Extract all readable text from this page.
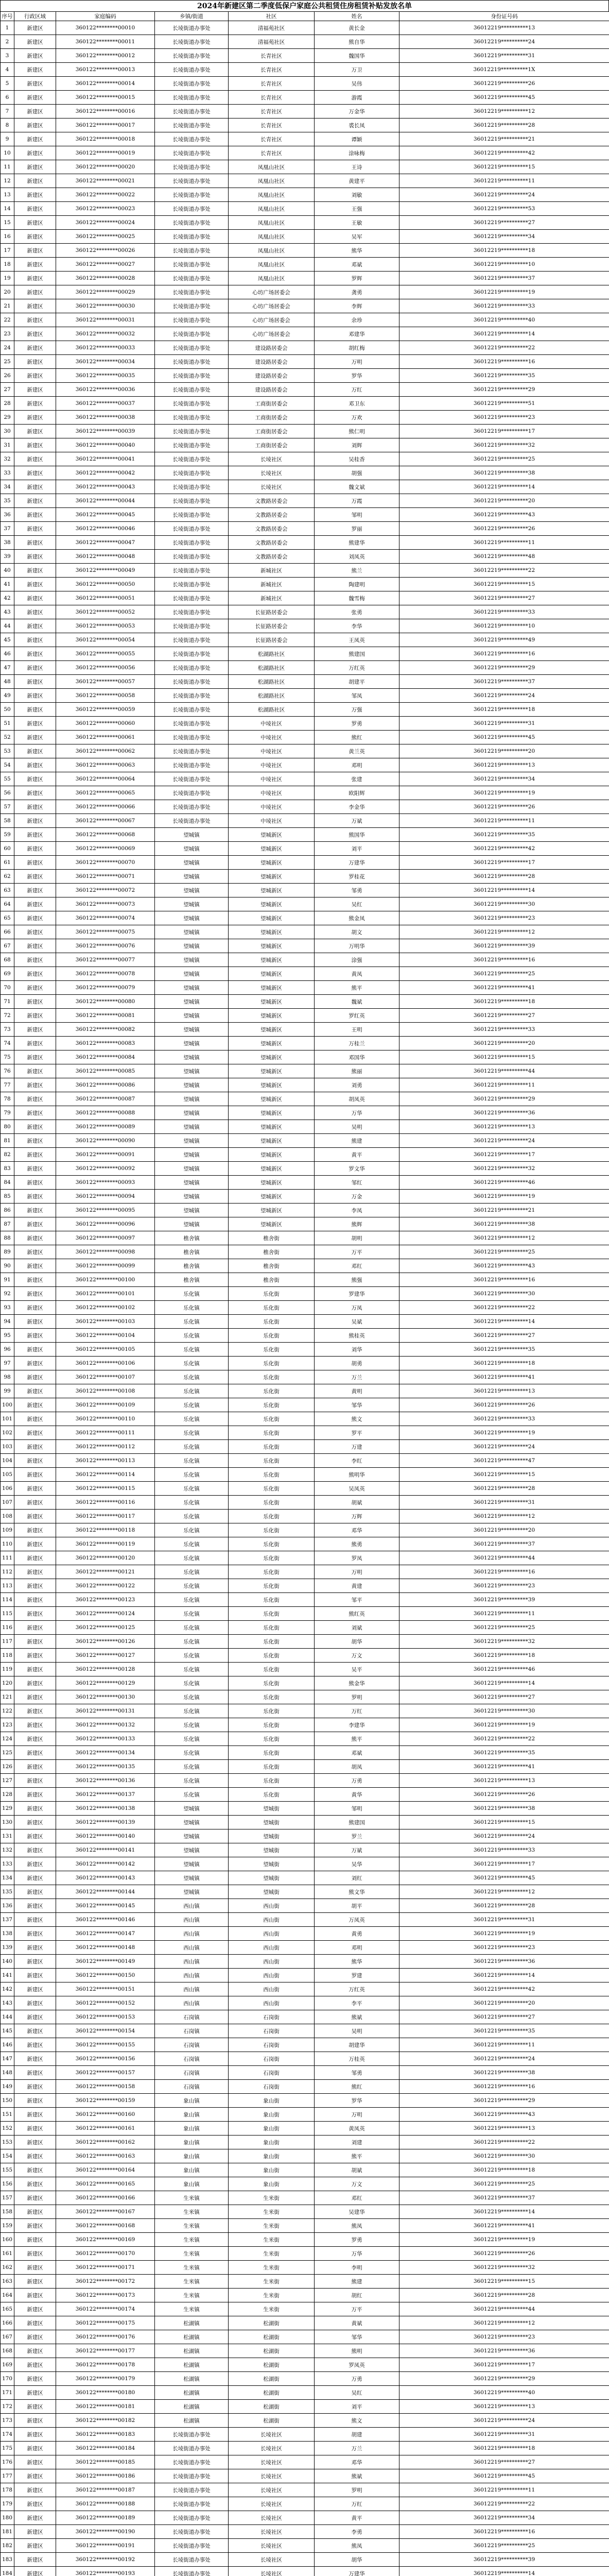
2024年新建区第二季度低保户家庭公共租赁住房租赁补贴发放名单
序号	行政区域	家庭编码	乡镇/街道	社区	姓名	身份证号码
1	新建区	360122********00010	长堎街道办事处	清福苑社区	黄长金	36012219**********13
2	新建区	360122********00011	长堎街道办事处	清福苑社区	熊自华	36012219**********24
3	新建区	360122********00012	长堎街道办事处	长青社区	魏国华	36012219**********31
4	新建区	360122********00013	长堎街道办事处	长青社区	万卫	36012219**********1X
5	新建区	360122********00014	长堎街道办事处	长青社区	吴伟	36012219**********26
6	新建区	360122********00015	长堎街道办事处	长青社区	游霞	36012219**********45
7	新建区	360122********00016	长堎街道办事处	长青社区	万金华	36012219**********12
8	新建区	360122********00017	长堎街道办事处	长青社区	裘长凤	36012219**********28
9	新建区	360122********00018	长堎街道办事处	长青社区	谭颖	36012219**********21
10	新建区	360122********00019	长堎街道办事处	长青社区	涂咏梅	36012219**********42
11	新建区	360122********00020	长堎街道办事处	凤凰山社区	王诗	36012219**********15
12	新建区	360122********00021	长堎街道办事处	凤凰山社区	黄建平	36012219**********11
13	新建区	360122********00022	长堎街道办事处	凤凰山社区	刘敏	36012219**********24
14	新建区	360122********00023	长堎街道办事处	凤凰山社区	王强	36012219**********53
15	新建区	360122********00024	长堎街道办事处	凤凰山社区	王敏	36012219**********27
16	新建区	360122********00025	长堎街道办事处	凤凰山社区	吴军	36012219**********34
17	新建区	360122********00026	长堎街道办事处	凤凰山社区	熊华	36012219**********18
18	新建区	360122********00027	长堎街道办事处	凤凰山社区	邓斌	36012219**********10
19	新建区	360122********00028	长堎街道办事处	凤凰山社区	罗辉	36012219**********37
20	新建区	360122********00029	长堎街道办事处	心坊广场居委会	龚勇	36012219**********19
21	新建区	360122********00030	长堎街道办事处	心坊广场居委会	李辉	36012219**********33
22	新建区	360122********00031	长堎街道办事处	心坊广场居委会	余珍	36012219**********40
23	新建区	360122********00032	长堎街道办事处	心坊广场居委会	邓建华	36012219**********14
24	新建区	360122********00033	长堎街道办事处	建设路居委会	胡红梅	36012219**********22
25	新建区	360122********00034	长堎街道办事处	建设路居委会	万明	36012219**********16
26	新建区	360122********00035	长堎街道办事处	建设路居委会	罗华	36012219**********35
27	新建区	360122********00036	长堎街道办事处	建设路居委会	万红	36012219**********29
28	新建区	360122********00037	长堎街道办事处	工商街居委会	邓卫东	36012219**********51
29	新建区	360122********00038	长堎街道办事处	工商街居委会	万欢	36012219**********23
30	新建区	360122********00039	长堎街道办事处	工商街居委会	熊仁明	36012219**********17
31	新建区	360122********00040	长堎街道办事处	工商街居委会	刘辉	36012219**********32
32	新建区	360122********00041	长堎街道办事处	长堎社区	吴桂香	36012219**********25
33	新建区	360122********00042	长堎街道办事处	长堎社区	胡强	36012219**********38
34	新建区	360122********00043	长堎街道办事处	长堎社区	魏文斌	36012219**********14
35	新建区	360122********00044	长堎街道办事处	文教路居委会	万霞	36012219**********20
36	新建区	360122********00045	长堎街道办事处	文教路居委会	邹明	36012219**********43
37	新建区	360122********00046	长堎街道办事处	文教路居委会	罗丽	36012219**********26
38	新建区	360122********00047	长堎街道办事处	文教路居委会	熊建华	36012219**********11
39	新建区	360122********00048	长堎街道办事处	文教路居委会	刘凤英	36012219**********48
40	新建区	360122********00049	长堎街道办事处	新城社区	熊兰	36012219**********22
41	新建区	360122********00050	长堎街道办事处	新城社区	陶建明	36012219**********15
42	新建区	360122********00051	长堎街道办事处	新城社区	魏雪梅	36012219**********27
43	新建区	360122********00052	长堎街道办事处	长征路居委会	张勇	36012219**********33
44	新建区	360122********00053	长堎街道办事处	长征路居委会	李华	36012219**********10
45	新建区	360122********00054	长堎街道办事处	长征路居委会	王凤英	36012219**********49
46	新建区	360122********00055	长堎街道办事处	松湖路社区	熊建国	36012219**********16
47	新建区	360122********00056	长堎街道办事处	松湖路社区	万红英	36012219**********29
48	新建区	360122********00057	长堎街道办事处	松湖路社区	胡建平	36012219**********37
49	新建区	360122********00058	长堎街道办事处	松湖路社区	邹凤	36012219**********24
50	新建区	360122********00059	长堎街道办事处	松湖路社区	万强	36012219**********18
51	新建区	360122********00060	长堎街道办事处	中堎社区	罗勇	36012219**********31
52	新建区	360122********00061	长堎街道办事处	中堎社区	熊红	36012219**********45
53	新建区	360122********00062	长堎街道办事处	中堎社区	黄兰英	36012219**********20
54	新建区	360122********00063	长堎街道办事处	中堎社区	邓明	36012219**********13
55	新建区	360122********00064	长堎街道办事处	中堎社区	张建	36012219**********34
56	新建区	360122********00065	长堎街道办事处	中堎社区	欧阳辉	36012219**********19
57	新建区	360122********00066	长堎街道办事处	中堎社区	李金华	36012219**********26
58	新建区	360122********00067	长堎街道办事处	中堎社区	万斌	36012219**********11
59	新建区	360122********00068	望城镇	望城新区	熊国华	36012219**********35
60	新建区	360122********00069	望城镇	望城新区	刘平	36012219**********42
61	新建区	360122********00070	望城镇	望城新区	万建华	36012219**********17
62	新建区	360122********00071	望城镇	望城新区	罗桂花	36012219**********28
63	新建区	360122********00072	望城镇	望城新区	邹勇	36012219**********14
64	新建区	360122********00073	望城镇	望城新区	吴红	36012219**********30
65	新建区	360122********00074	望城镇	望城新区	熊金凤	36012219**********23
66	新建区	360122********00075	望城镇	望城新区	胡文	36012219**********12
67	新建区	360122********00076	望城镇	望城新区	万明华	36012219**********39
68	新建区	360122********00077	望城镇	望城新区	涂强	36012219**********16
69	新建区	360122********00078	望城镇	望城新区	黄凤	36012219**********25
70	新建区	360122********00079	望城镇	望城新区	熊平	36012219**********41
71	新建区	360122********00080	望城镇	望城新区	魏斌	36012219**********18
72	新建区	360122********00081	望城镇	望城新区	罗红英	36012219**********27
73	新建区	360122********00082	望城镇	望城新区	王明	36012219**********33
74	新建区	360122********00083	望城镇	望城新区	万桂兰	36012219**********20
75	新建区	360122********00084	望城镇	望城新区	邓国华	36012219**********15
76	新建区	360122********00085	望城镇	望城新区	熊丽	36012219**********44
77	新建区	360122********00086	望城镇	望城新区	刘勇	36012219**********11
78	新建区	360122********00087	望城镇	望城新区	胡凤英	36012219**********29
79	新建区	360122********00088	望城镇	望城新区	万华	36012219**********36
80	新建区	360122********00089	望城镇	望城新区	吴明	36012219**********13
81	新建区	360122********00090	望城镇	望城新区	熊建	36012219**********24
82	新建区	360122********00091	望城镇	望城新区	黄平	36012219**********17
83	新建区	360122********00092	望城镇	望城新区	罗文华	36012219**********32
84	新建区	360122********00093	望城镇	望城新区	邹红	36012219**********46
85	新建区	360122********00094	望城镇	望城新区	万金	36012219**********19
86	新建区	360122********00095	望城镇	望城新区	李凤	36012219**********21
87	新建区	360122********00096	望城镇	望城新区	熊辉	36012219**********38
88	新建区	360122********00097	樵舍镇	樵舍街	胡明	36012219**********12
89	新建区	360122********00098	樵舍镇	樵舍街	万平	36012219**********25
90	新建区	360122********00099	樵舍镇	樵舍街	邓红	36012219**********43
91	新建区	360122********00100	樵舍镇	樵舍街	熊强	36012219**********16
92	新建区	360122********00101	乐化镇	乐化街	罗建华	36012219**********30
93	新建区	360122********00102	乐化镇	乐化街	万凤	36012219**********22
94	新建区	360122********00103	乐化镇	乐化街	吴斌	36012219**********14
95	新建区	360122********00104	乐化镇	乐化街	熊桂英	36012219**********27
96	新建区	360122********00105	乐化镇	乐化街	刘华	36012219**********35
97	新建区	360122********00106	乐化镇	乐化街	胡勇	36012219**********18
98	新建区	360122********00107	乐化镇	乐化街	万兰	36012219**********41
99	新建区	360122********00108	乐化镇	乐化街	黄明	36012219**********13
100	新建区	360122********00109	乐化镇	乐化街	邹华	36012219**********26
101	新建区	360122********00110	乐化镇	乐化街	熊文	36012219**********33
102	新建区	360122********00111	乐化镇	乐化街	罗平	36012219**********19
103	新建区	360122********00112	乐化镇	乐化街	万建	36012219**********24
104	新建区	360122********00113	乐化镇	乐化街	李红	36012219**********47
105	新建区	360122********00114	乐化镇	乐化街	熊明华	36012219**********15
106	新建区	360122********00115	乐化镇	乐化街	吴凤英	36012219**********28
107	新建区	360122********00116	乐化镇	乐化街	胡斌	36012219**********31
108	新建区	360122********00117	乐化镇	乐化街	万辉	36012219**********12
109	新建区	360122********00118	乐化镇	乐化街	邓华	36012219**********20
110	新建区	360122********00119	乐化镇	乐化街	熊勇	36012219**********37
111	新建区	360122********00120	乐化镇	乐化街	罗凤	36012219**********44
112	新建区	360122********00121	乐化镇	乐化街	万明	36012219**********16
113	新建区	360122********00122	乐化镇	乐化街	黄建	36012219**********23
114	新建区	360122********00123	乐化镇	乐化街	邹平	36012219**********39
115	新建区	360122********00124	乐化镇	乐化街	熊红英	36012219**********11
116	新建区	360122********00125	乐化镇	乐化街	刘斌	36012219**********25
117	新建区	360122********00126	乐化镇	乐化街	胡华	36012219**********32
118	新建区	360122********00127	乐化镇	乐化街	万文	36012219**********18
119	新建区	360122********00128	乐化镇	乐化街	吴平	36012219**********46
120	新建区	360122********00129	乐化镇	乐化街	熊金华	36012219**********14
121	新建区	360122********00130	乐化镇	乐化街	罗明	36012219**********27
122	新建区	360122********00131	乐化镇	乐化街	万红	36012219**********30
123	新建区	360122********00132	乐化镇	乐化街	李建华	36012219**********19
124	新建区	360122********00133	乐化镇	乐化街	熊平	36012219**********22
125	新建区	360122********00134	乐化镇	乐化街	邓斌	36012219**********35
126	新建区	360122********00135	乐化镇	乐化街	胡凤	36012219**********41
127	新建区	360122********00136	乐化镇	乐化街	万勇	36012219**********13
128	新建区	360122********00137	乐化镇	乐化街	黄华	36012219**********26
129	新建区	360122********00138	望城镇	望城街	邹明	36012219**********38
130	新建区	360122********00139	望城镇	望城街	熊建国	36012219**********15
131	新建区	360122********00140	望城镇	望城街	罗兰	36012219**********24
132	新建区	360122********00141	望城镇	望城街	万斌	36012219**********33
133	新建区	360122********00142	望城镇	望城街	吴华	36012219**********17
134	新建区	360122********00143	望城镇	望城街	刘红	36012219**********45
135	新建区	360122********00144	望城镇	望城街	熊文华	36012219**********12
136	新建区	360122********00145	西山镇	西山街	胡平	36012219**********28
137	新建区	360122********00146	西山镇	西山街	万凤英	36012219**********31
138	新建区	360122********00147	西山镇	西山街	黄勇	36012219**********19
139	新建区	360122********00148	西山镇	西山街	邓明	36012219**********23
140	新建区	360122********00149	西山镇	西山街	熊华	36012219**********36
141	新建区	360122********00150	西山镇	西山街	罗建	36012219**********14
142	新建区	360122********00151	西山镇	西山街	万红英	36012219**********42
143	新建区	360122********00152	西山镇	西山街	李平	36012219**********20
144	新建区	360122********00153	石岗镇	石岗街	熊斌	36012219**********27
145	新建区	360122********00154	石岗镇	石岗街	吴明	36012219**********35
146	新建区	360122********00155	石岗镇	石岗街	胡建华	36012219**********11
147	新建区	360122********00156	石岗镇	石岗街	万桂英	36012219**********24
148	新建区	360122********00157	石岗镇	石岗街	邹勇	36012219**********38
149	新建区	360122********00158	石岗镇	石岗街	熊红	36012219**********16
150	新建区	360122********00159	象山镇	象山街	罗华	36012219**********29
151	新建区	360122********00160	象山镇	象山街	万明	36012219**********43
152	新建区	360122********00161	象山镇	象山街	黄凤英	36012219**********13
153	新建区	360122********00162	象山镇	象山街	刘建	36012219**********22
154	新建区	360122********00163	象山镇	象山街	熊平	36012219**********30
155	新建区	360122********00164	象山镇	象山街	胡斌	36012219**********18
156	新建区	360122********00165	象山镇	象山街	万文	36012219**********25
157	新建区	360122********00166	生米镇	生米街	邓红	36012219**********37
158	新建区	360122********00167	生米镇	生米街	吴建华	36012219**********14
159	新建区	360122********00168	生米镇	生米街	熊凤	36012219**********41
160	新建区	360122********00169	生米镇	生米街	罗勇	36012219**********19
161	新建区	360122********00170	生米镇	生米街	万华	36012219**********26
162	新建区	360122********00171	生米镇	生米街	李明	36012219**********32
163	新建区	360122********00172	生米镇	生米街	熊建	36012219**********15
164	新建区	360122********00173	生米镇	生米街	胡红	36012219**********28
165	新建区	360122********00174	生米镇	生米街	万平	36012219**********44
166	新建区	360122********00175	松湖镇	松湖街	黄斌	36012219**********12
167	新建区	360122********00176	松湖镇	松湖街	邹华	36012219**********23
168	新建区	360122********00177	松湖镇	松湖街	熊明	36012219**********36
169	新建区	360122********00178	松湖镇	松湖街	罗凤英	36012219**********17
170	新建区	360122********00179	松湖镇	松湖街	万勇	36012219**********29
171	新建区	360122********00180	松湖镇	松湖街	吴红	36012219**********40
172	新建区	360122********00181	松湖镇	松湖街	刘平	36012219**********13
173	新建区	360122********00182	松湖镇	松湖街	熊文	36012219**********24
174	新建区	360122********00183	长堎街道办事处	长堎社区	胡建	36012219**********31
175	新建区	360122********00184	长堎街道办事处	长堎社区	万兰	36012219**********18
176	新建区	360122********00185	长堎街道办事处	长堎社区	邓华	36012219**********27
177	新建区	360122********00186	长堎街道办事处	长堎社区	熊斌	36012219**********45
178	新建区	360122********00187	长堎街道办事处	长堎社区	罗明	36012219**********11
179	新建区	360122********00188	长堎街道办事处	长堎社区	万红	36012219**********22
180	新建区	360122********00189	长堎街道办事处	长堎社区	黄平	36012219**********34
181	新建区	360122********00190	长堎街道办事处	长堎社区	李勇	36012219**********16
182	新建区	360122********00191	长堎街道办事处	长堎社区	熊凤	36012219**********25
183	新建区	360122********00192	长堎街道办事处	长堎社区	胡华	36012219**********39
184	新建区	360122********00193	长堎街道办事处	长堎社区	万建华	36012219**********14
